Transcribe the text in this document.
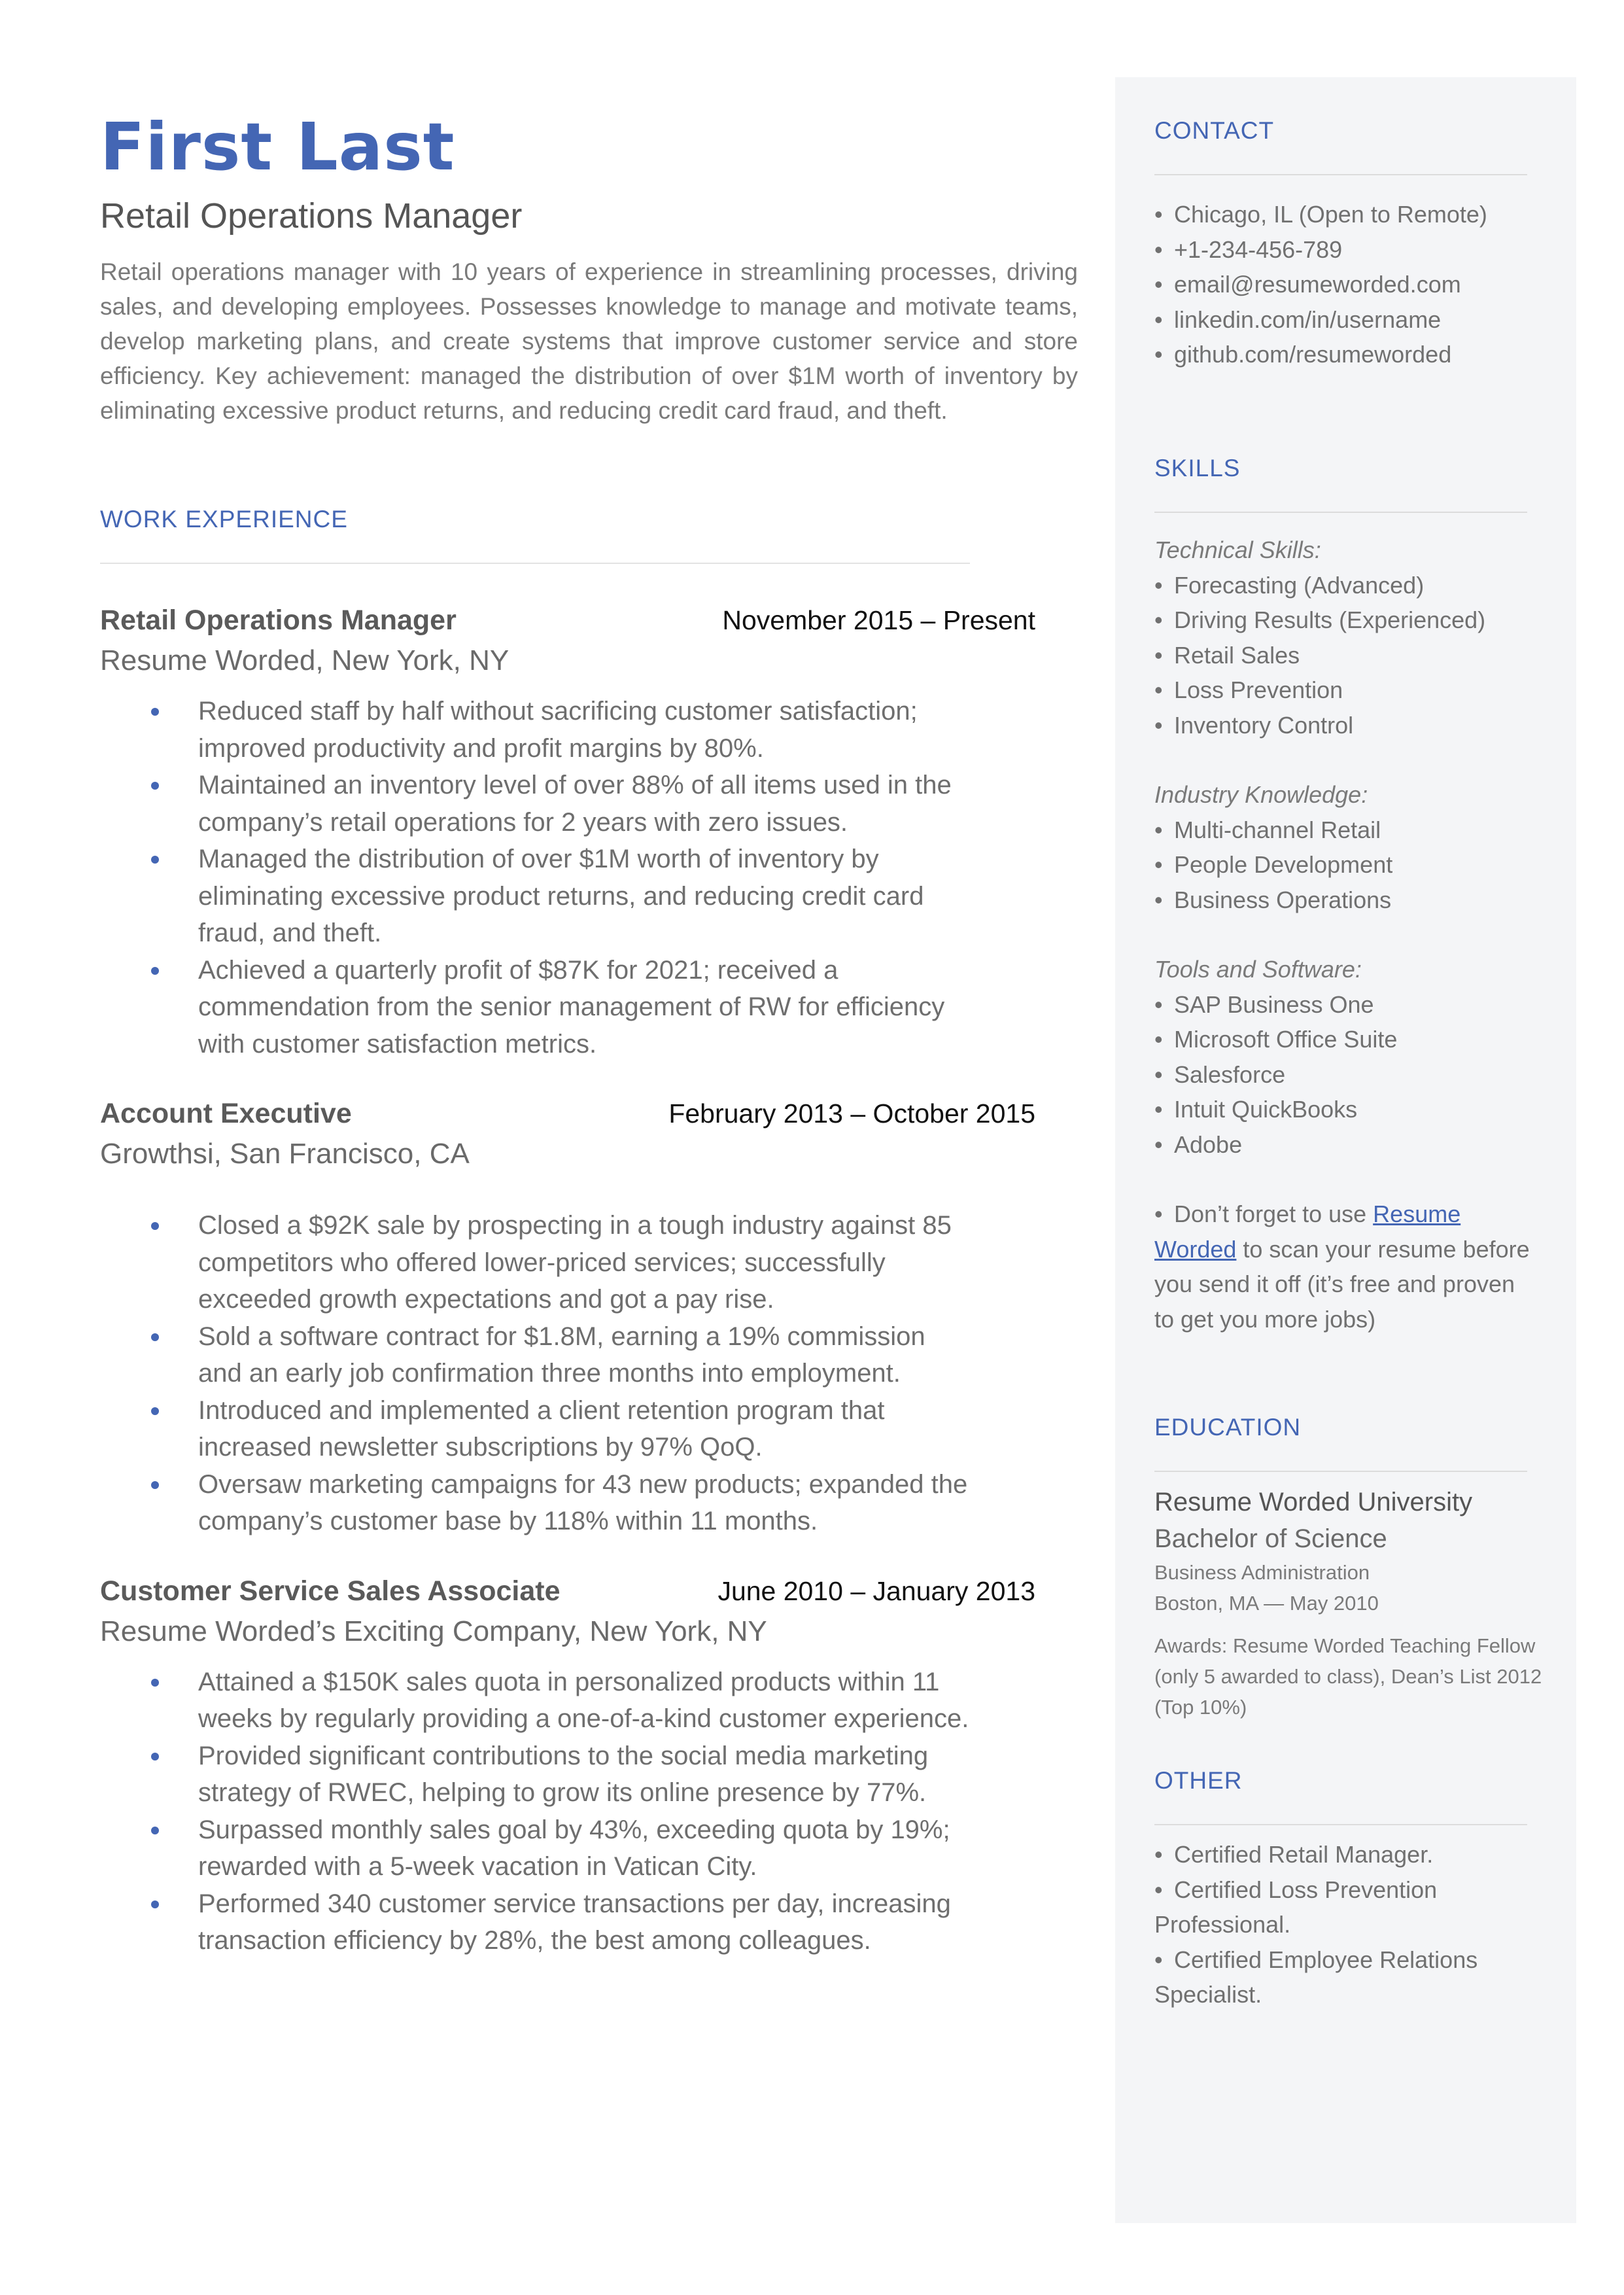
First Last
Retail Operations Manager
Retail operations manager with 10 years of experience in streamlining processes, driving sales, and developing employees. Possesses knowledge to manage and motivate teams, develop marketing plans, and create systems that improve customer service and store efficiency. Key achievement: managed the distribution of over $1M worth of inventory by eliminating excessive product returns, and reducing credit card fraud, and theft.
WORK EXPERIENCE
Retail Operations Manager	November 2015 – Present
Resume Worded, New York, NY
Reduced staff by half without sacrificing customer satisfaction; improved productivity and profit margins by 80%.
Maintained an inventory level of over 88% of all items used in the company’s retail operations for 2 years with zero issues.
Managed the distribution of over $1M worth of inventory by eliminating excessive product returns, and reducing credit card fraud, and theft.
Achieved a quarterly profit of $87K for 2021; received a commendation from the senior management of RW for efficiency with customer satisfaction metrics.
Account Executive	February 2013 – October 2015
Growthsi, San Francisco, CA
Closed a $92K sale by prospecting in a tough industry against 85 competitors who offered lower-priced services; successfully exceeded growth expectations and got a pay rise.
Sold a software contract for $1.8M, earning a 19% commission and an early job confirmation three months into employment.
Introduced and implemented a client retention program that increased newsletter subscriptions by 97% QoQ.
Oversaw marketing campaigns for 43 new products; expanded the company’s customer base by 118% within 11 months.
Customer Service Sales Associate	June 2010 – January 2013
Resume Worded’s Exciting Company, New York, NY
Attained a $150K sales quota in personalized products within 11 weeks by regularly providing a one-of-a-kind customer experience.
Provided significant contributions to the social media marketing strategy of RWEC, helping to grow its online presence by 77%.
Surpassed monthly sales goal by 43%, exceeding quota by 19%; rewarded with a 5-week vacation in Vatican City.
Performed 340 customer service transactions per day, increasing transaction efficiency by 28%, the best among colleagues.
CONTACT
• Chicago, IL (Open to Remote)
• +1-234-456-789
• email@resumeworded.com
• linkedin.com/in/username
• github.com/resumeworded
SKILLS
Technical Skills:
• Forecasting (Advanced)
• Driving Results (Experienced)
• Retail Sales
• Loss Prevention
• Inventory Control
Industry Knowledge:
• Multi-channel Retail
• People Development
• Business Operations
Tools and Software:
• SAP Business One
• Microsoft Office Suite
• Salesforce
• Intuit QuickBooks
• Adobe
• Don’t forget to use Resume Worded to scan your resume before you send it off (it’s free and proven to get you more jobs)
EDUCATION
Resume Worded University
Bachelor of Science
Business Administration
Boston, MA — May 2010
Awards: Resume Worded Teaching Fellow (only 5 awarded to class), Dean’s List 2012 (Top 10%)
OTHER
• Certified Retail Manager.
• Certified Loss Prevention Professional.
• Certified Employee Relations Specialist.
